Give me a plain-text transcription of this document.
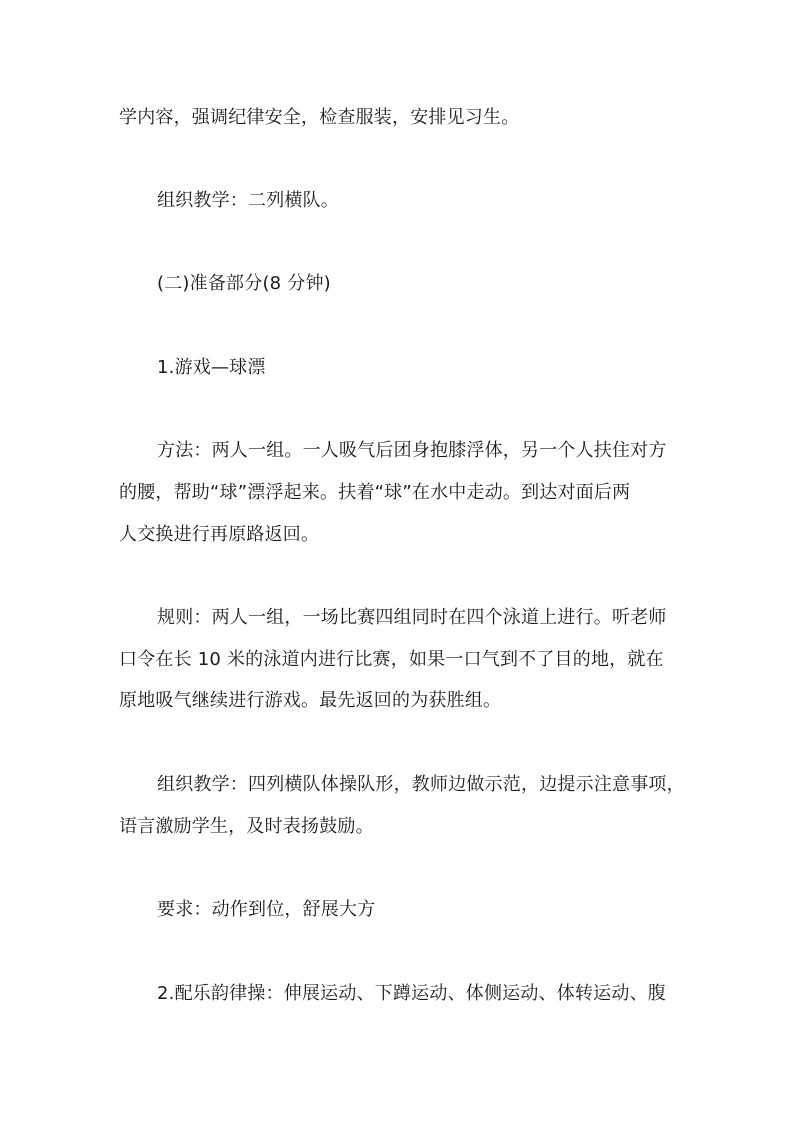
学内容，强调纪律安全，检查服装，安排见习生。
组织教学：二列横队。
(二)准备部分(8 分钟)
1.游戏—球漂
方法：两人一组。一人吸气后团身抱膝浮体，另一个人扶住对方
的腰，帮助“球”漂浮起来。扶着“球”在水中走动。到达对面后两
人交换进行再原路返回。
规则：两人一组，一场比赛四组同时在四个泳道上进行。听老师
口令在长 10 米的泳道内进行比赛，如果一口气到不了目的地，就在
原地吸气继续进行游戏。最先返回的为获胜组。
组织教学：四列横队体操队形，教师边做示范，边提示注意事项，
语言激励学生，及时表扬鼓励。
要求：动作到位，舒展大方
2.配乐韵律操：伸展运动、下蹲运动、体侧运动、体转运动、腹
